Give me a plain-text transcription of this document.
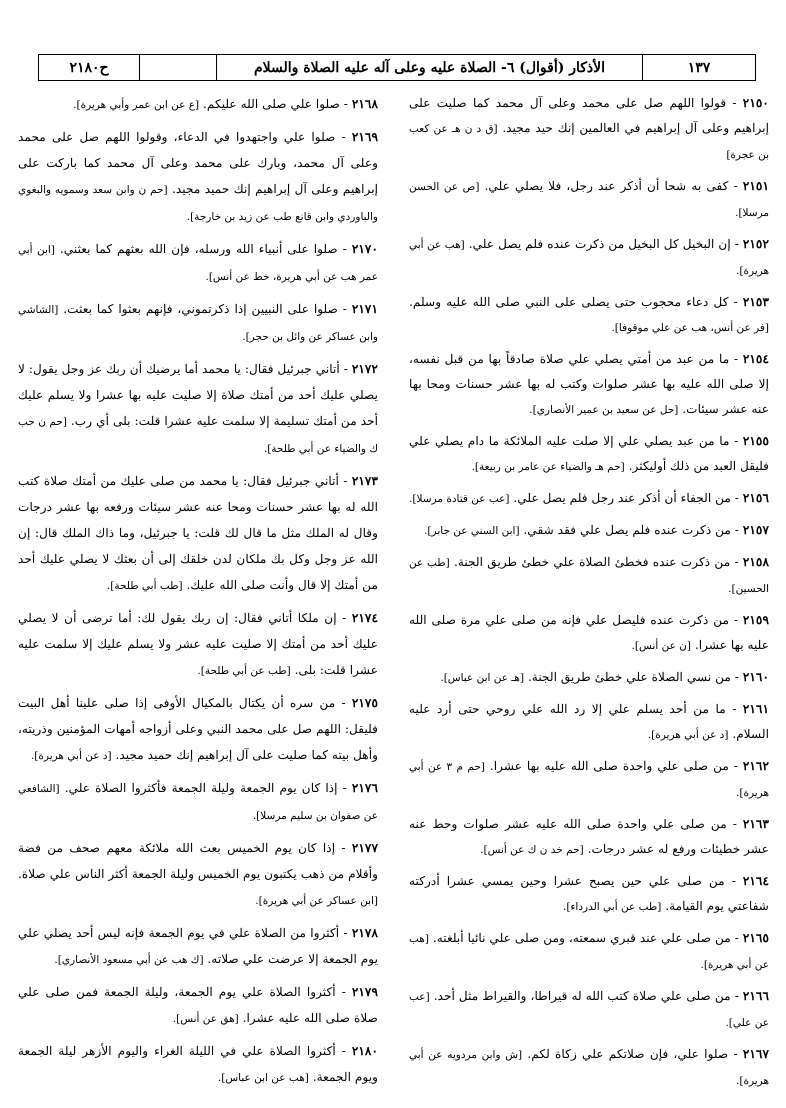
ح٢١٨٠	الأذكار (أقوال) ٦- الصلاة عليه وعلى آله عليه الصلاة والسلام	١٣٧

٢١٥٠ - قولوا اللهم صل على محمد وعلى آل محمد كما صليت على إبراهيم وعلى آل إبراهيم في العالمين إنك حيد مجيد. [ق د ن هـ عن كعب بن عجرة]

٢١٥١ - كفى به شحا أن أذكر عند رجل، فلا يصلي علي. [ص عن الحسن مرسلا].

٢١٥٢ - إن البخيل كل البخيل من ذكرت عنده فلم يصل علي. [هب عن أبي هريرة].

٢١٥٣ - كل دعاء محجوب حتى يصلى على النبي صلى الله عليه وسلم. [فر عن أنس، هب عن علي موقوفا].

٢١٥٤ - ما من عبد من أمتي يصلي علي صلاة صادقاً بها من قبل نفسه، إلا صلى الله عليه بها عشر صلوات وكتب له بها عشر حسنات ومحا بها عنه عشر سيئات. [حل عن سعيد بن عمير الأنصاري].

٢١٥٥ - ما من عبد يصلي علي إلا صلت عليه الملائكة ما دام يصلي علي فليقل العبد من ذلك أوليكثر. [حم هـ والضياء عن عامر بن ربيعة].

٢١٥٦ - من الجفاء أن أذكر عند رجل فلم يصل علي. [عب عن قتادة مرسلا].

٢١٥٧ - من ذكرت عنده فلم يصل علي فقد شقي. [ابن السني عن جابر].

٢١٥٨ - من ذكرت عنده فخطئ الصلاة علي خطئ طريق الجنة. [طب عن الحسين].

٢١٥٩ - من ذكرت عنده فليصل علي فإنه من صلى علي مرة صلى الله عليه بها عشرا. [ن عن أنس].

٢١٦٠ - من نسي الصلاة علي خطئ طريق الجنة. [هـ عن ابن عباس].

٢١٦١ - ما من أحد يسلم علي إلا رد الله علي روحي حتى أرد عليه السلام. [د عن أبي هريرة].

٢١٦٢ - من صلى علي واحدة صلى الله عليه بها عشرا. [حم م ٣ عن أبي هريرة].

٢١٦٣ - من صلى علي واحدة صلى الله عليه عشر صلوات وحط عنه عشر خطيئات ورفع له عشر درجات. [حم خد ن ك عن أنس].

٢١٦٤ - من صلى علي حين يصبح عشرا وحين يمسي عشرا أدركته شفاعتي يوم القيامة. [طب عن أبي الدرداء].

٢١٦٥ - من صلى علي عند قبري سمعته، ومن صلى علي نائيا أبلغته. [هب عن أبي هريرة].

٢١٦٦ - من صلى علي صلاة كتب الله له قيراطا، والقيراط مثل أحد. [عب عن علي].

٢١٦٧ - صلوا علي، فإن صلاتكم علي زكاة لكم. [ش وابن مردويه عن أبي هريرة].

٢١٦٨ - صلوا علي صلى الله عليكم. [ع عن ابن عمر وأبي هريرة].

٢١٦٩ - صلوا علي واجتهدوا في الدعاء، وقولوا اللهم صل على محمد وعلى آل محمد، وبارك على محمد وعلى آل محمد كما باركت على إبراهيم وعلى آل إبراهيم إنك حميد مجيد. [حم ن وابن سعد وسمويه والبغوي والباوردي وابن قانع طب عن زيد بن خارجة].

٢١٧٠ - صلوا على أنبياء الله ورسله، فإن الله بعثهم كما بعثني. [ابن أبي عمر هب عن أبي هريرة، خط عن أنس].

٢١٧١ - صلوا على النبيين إذا ذكرتموني، فإنهم بعثوا كما بعثت. [الشاشي وابن عساكر عن وائل بن حجر].

٢١٧٢ - أتاني جبرئيل فقال: يا محمد أما يرضيك أن ربك عز وجل يقول: لا يصلي عليك أحد من أمتك صلاة إلا صليت عليه بها عشرا ولا يسلم عليك أحد من أمتك تسليمة إلا سلمت عليه عشرا قلت: بلى أي رب. [حم ن حب ك والضياء عن أبي طلحة].

٢١٧٣ - أتاني جبرئيل فقال: يا محمد من صلى عليك من أمتك صلاة كتب الله له بها عشر حسنات ومحا عنه عشر سيئات ورفعه بها عشر درجات وقال له الملك مثل ما قال لك قلت: يا جبرئيل، وما ذاك الملك قال: إن الله عز وجل وكل بك ملكان لدن خلقك إلى أن بعثك لا يصلي عليك أحد من أمتك إلا قال وأنت صلى الله عليك. [طب أبي طلحة].

٢١٧٤ - إن ملكا أتاني فقال: إن ربك يقول لك: أما ترضى أن لا يصلي عليك أحد من أمتك إلا صليت عليه عشر ولا يسلم عليك إلا سلمت عليه عشرا قلت: بلى. [طب عن أبي طلحة].

٢١٧٥ - من سره أن يكتال بالمكيال الأوفى إذا صلى علينا أهل البيت فليقل: اللهم صل على محمد النبي وعلى أزواجه أمهات المؤمنين وذريته، وأهل بيته كما صليت على آل إبراهيم إنك حميد مجيد. [د عن أبي هريرة].

٢١٧٦ - إذا كان يوم الجمعة وليلة الجمعة فأكثروا الصلاة علي. [الشافعي عن صفوان بن سليم مرسلا].

٢١٧٧ - إذا كان يوم الخميس بعث الله ملائكة معهم صحف من فضة وأقلام من ذهب يكتبون يوم الخميس وليلة الجمعة أكثر الناس علي صلاة. [ابن عساكر عن أبي هريرة].

٢١٧٨ - أكثروا من الصلاة علي في يوم الجمعة فإنه ليس أحد يصلي علي يوم الجمعة إلا عرضت علي صلاته. [ك هب عن أبي مسعود الأنصاري].

٢١٧٩ - أكثروا الصلاة علي يوم الجمعة، وليلة الجمعة فمن صلى علي صلاة صلى الله عليه عشرا. [هق عن أنس].

٢١٨٠ - أكثروا الصلاة علي في الليلة الغراء واليوم الأزهر ليلة الجمعة ويوم الجمعة. [هب عن ابن عباس].
